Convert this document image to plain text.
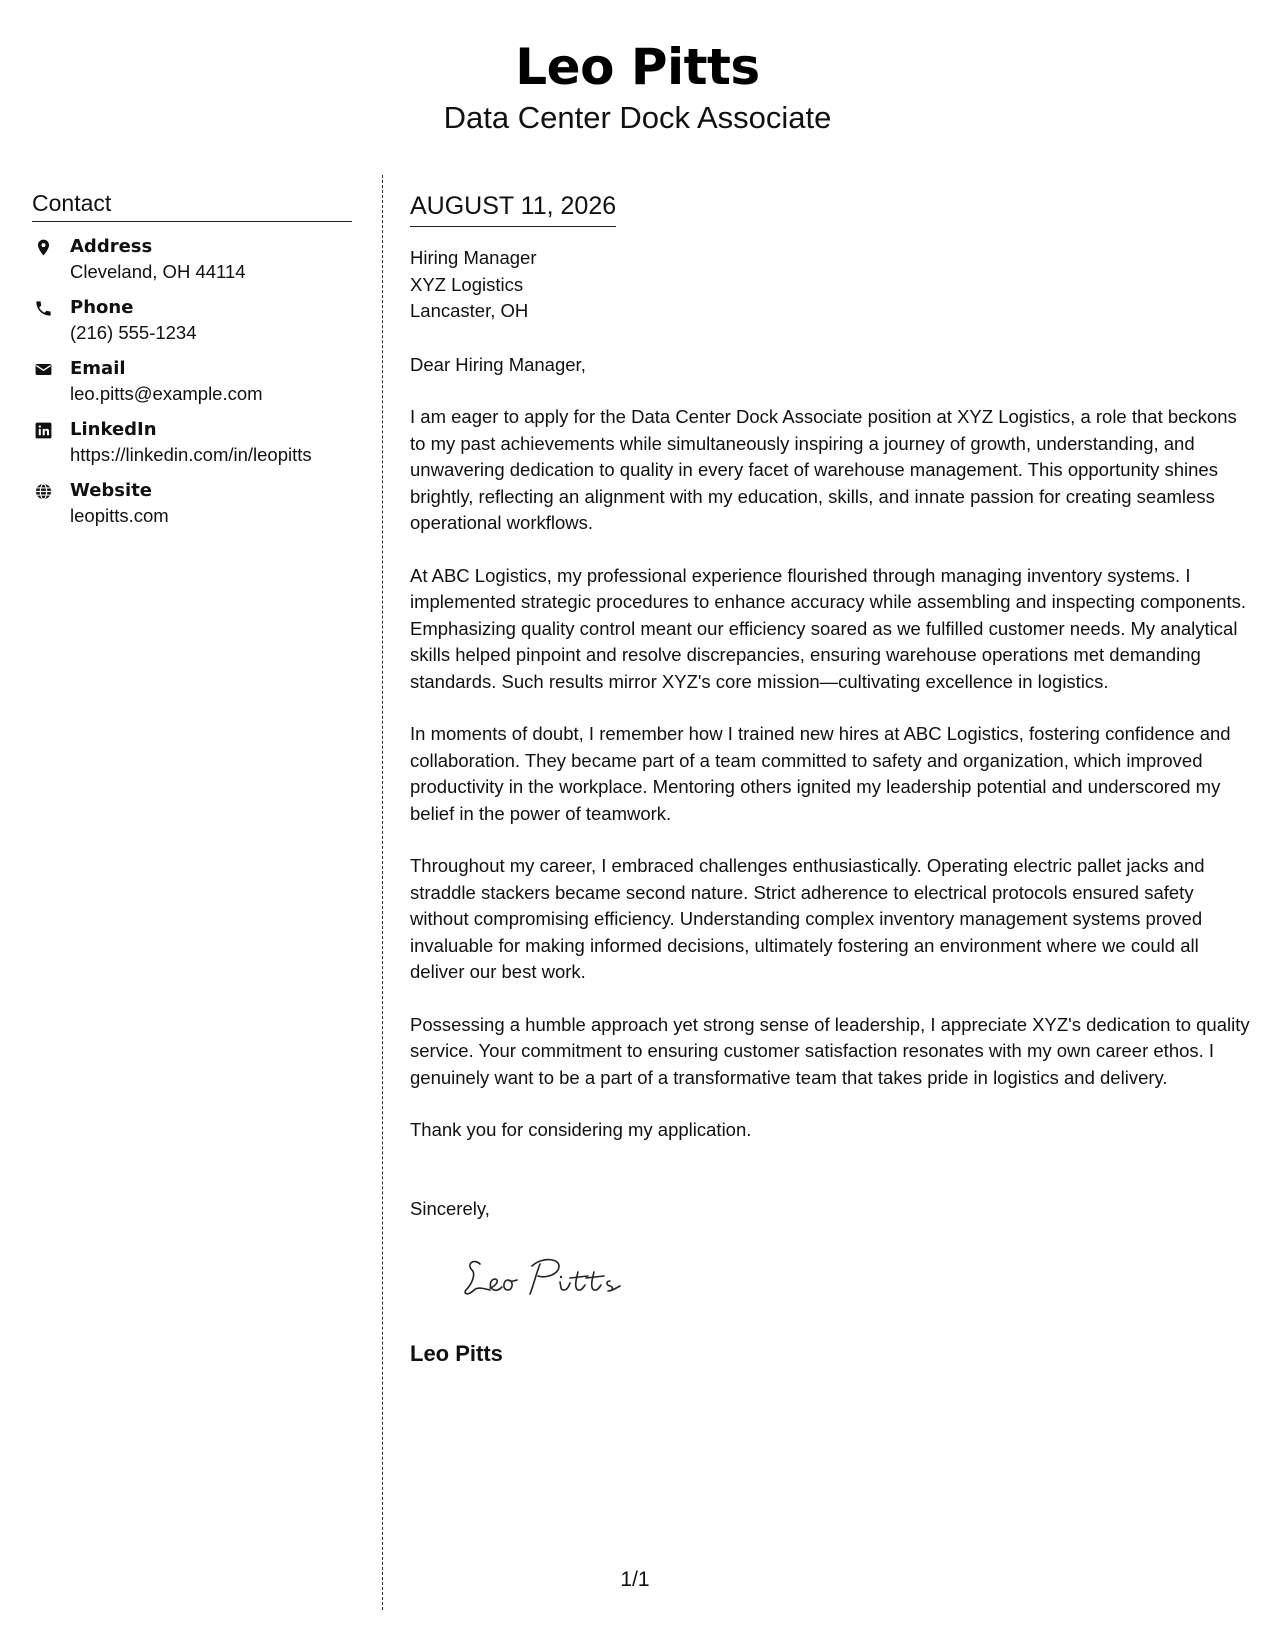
Leo Pitts
Data Center Dock Associate
Contact
Address
Cleveland, OH 44114
Phone
(216) 555-1234
Email
leo.pitts@example.com
LinkedIn
https://linkedin.com/in/leopitts
Website
leopitts.com
AUGUST 11, 2026
Hiring Manager
XYZ Logistics
Lancaster, OH
Dear Hiring Manager,

I am eager to apply for the Data Center Dock Associate position at XYZ Logistics, a role that beckons to my past achievements while simultaneously inspiring a journey of growth, understanding, and unwavering dedication to quality in every facet of warehouse management. This opportunity shines brightly, reflecting an alignment with my education, skills, and innate passion for creating seamless operational workflows.

At ABC Logistics, my professional experience flourished through managing inventory systems. I implemented strategic procedures to enhance accuracy while assembling and inspecting components. Emphasizing quality control meant our efficiency soared as we fulfilled customer needs. My analytical skills helped pinpoint and resolve discrepancies, ensuring warehouse operations met demanding standards. Such results mirror XYZ's core mission—cultivating excellence in logistics.

In moments of doubt, I remember how I trained new hires at ABC Logistics, fostering confidence and collaboration. They became part of a team committed to safety and organization, which improved productivity in the workplace. Mentoring others ignited my leadership potential and underscored my belief in the power of teamwork.

Throughout my career, I embraced challenges enthusiastically. Operating electric pallet jacks and straddle stackers became second nature. Strict adherence to electrical protocols ensured safety without compromising efficiency. Understanding complex inventory management systems proved invaluable for making informed decisions, ultimately fostering an environment where we could all deliver our best work.

Possessing a humble approach yet strong sense of leadership, I appreciate XYZ's dedication to quality service. Your commitment to ensuring customer satisfaction resonates with my own career ethos. I genuinely want to be a part of a transformative team that takes pride in logistics and delivery.

Thank you for considering my application.

Sincerely,
Leo Pitts
1/1
